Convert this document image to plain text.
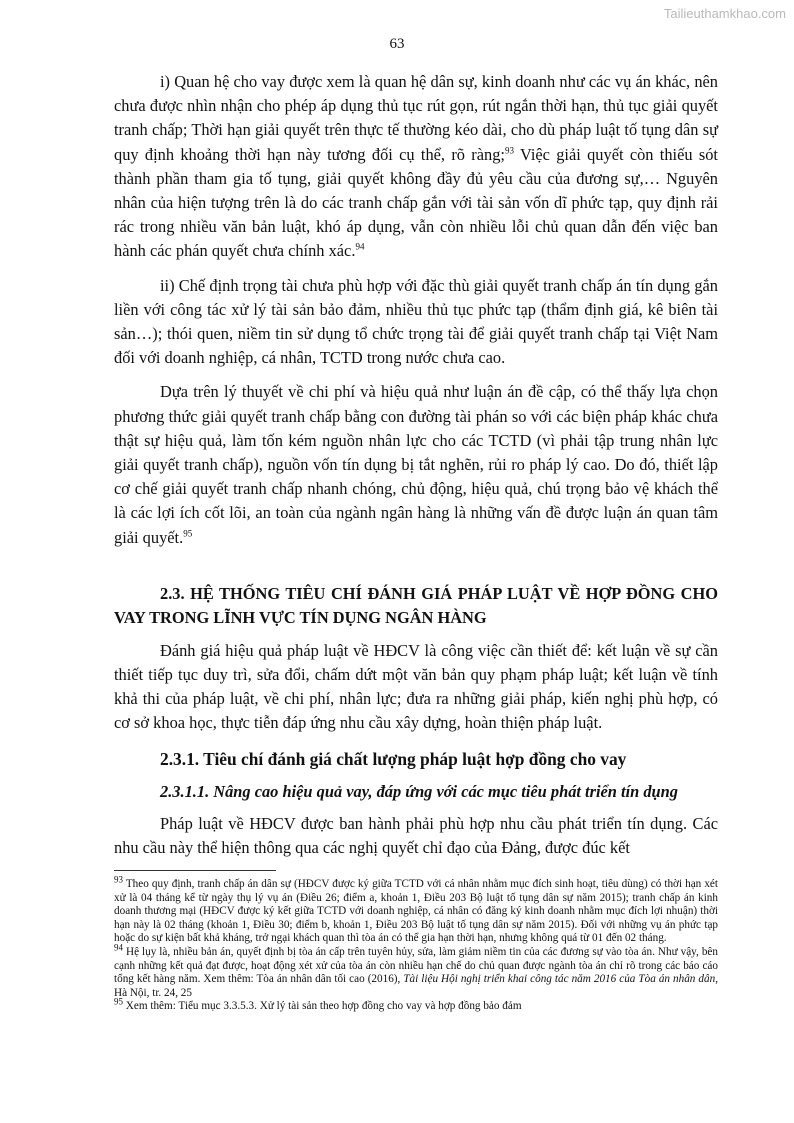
Tailieuthamkhao.com
63

i) Quan hệ cho vay được xem là quan hệ dân sự, kinh doanh như các vụ án khác, nên chưa được nhìn nhận cho phép áp dụng thủ tục rút gọn, rút ngắn thời hạn, thủ tục giải quyết tranh chấp; Thời hạn giải quyết trên thực tế thường kéo dài, cho dù pháp luật tố tụng dân sự quy định khoảng thời hạn này tương đối cụ thể, rõ ràng;$^{93}$ Việc giải quyết còn thiếu sót thành phần tham gia tố tụng, giải quyết không đầy đủ yêu cầu của đương sự,… Nguyên nhân của hiện tượng trên là do các tranh chấp gắn với tài sản vốn dĩ phức tạp, quy định rải rác trong nhiều văn bản luật, khó áp dụng, vẫn còn nhiều lỗi chủ quan dẫn đến việc ban hành các phán quyết chưa chính xác.$^{94}$

ii) Chế định trọng tài chưa phù hợp với đặc thù giải quyết tranh chấp án tín dụng gắn liền với công tác xử lý tài sản bảo đảm, nhiều thủ tục phức tạp (thẩm định giá, kê biên tài sản…); thói quen, niềm tin sử dụng tổ chức trọng tài để giải quyết tranh chấp tại Việt Nam đối với doanh nghiệp, cá nhân, TCTD trong nước chưa cao.

Dựa trên lý thuyết về chi phí và hiệu quả như luận án đề cập, có thể thấy lựa chọn phương thức giải quyết tranh chấp bằng con đường tài phán so với các biện pháp khác chưa thật sự hiệu quả, làm tốn kém nguồn nhân lực cho các TCTD (vì phải tập trung nhân lực giải quyết tranh chấp), nguồn vốn tín dụng bị tắt nghẽn, rủi ro pháp lý cao. Do đó, thiết lập cơ chế giải quyết tranh chấp nhanh chóng, chủ động, hiệu quả, chú trọng bảo vệ khách thể là các lợi ích cốt lõi, an toàn của ngành ngân hàng là những vấn đề được luận án quan tâm giải quyết.$^{95}$

2.3. HỆ THỐNG TIÊU CHÍ ĐÁNH GIÁ PHÁP LUẬT VỀ HỢP ĐỒNG CHO VAY TRONG LĨNH VỰC TÍN DỤNG NGÂN HÀNG

Đánh giá hiệu quả pháp luật về HĐCV là công việc cần thiết để: kết luận về sự cần thiết tiếp tục duy trì, sửa đổi, chấm dứt một văn bản quy phạm pháp luật; kết luận về tính khả thi của pháp luật, về chi phí, nhân lực; đưa ra những giải pháp, kiến nghị phù hợp, có cơ sở khoa học, thực tiễn đáp ứng nhu cầu xây dựng, hoàn thiện pháp luật.

2.3.1. Tiêu chí đánh giá chất lượng pháp luật hợp đồng cho vay
2.3.1.1. Nâng cao hiệu quả vay, đáp ứng với các mục tiêu phát triển tín dụng

Pháp luật về HĐCV được ban hành phải phù hợp nhu cầu phát triển tín dụng. Các nhu cầu này thể hiện thông qua các nghị quyết chỉ đạo của Đảng, được đúc kết

$^{93}$ Theo quy định, tranh chấp án dân sự (HĐCV được ký giữa TCTD với cá nhân nhằm mục đích sinh hoạt, tiêu dùng) có thời hạn xét xử là 04 tháng kể từ ngày thụ lý vụ án (Điều 26; điểm a, khoản 1, Điều 203 Bộ luật tố tụng dân sự năm 2015); tranh chấp án kinh doanh thương mại (HĐCV được ký kết giữa TCTD với doanh nghiệp, cá nhân có đăng ký kinh doanh nhằm mục đích lợi nhuận) thời hạn này là 02 tháng (khoản 1, Điều 30; điểm b, khoản 1, Điều 203 Bộ luật tố tụng dân sự năm 2015). Đối với những vụ án phức tạp hoặc do sự kiện bất khả kháng, trở ngại khách quan thì tòa án có thể gia hạn thời hạn, nhưng không quá từ 01 đến 02 tháng.

$^{94}$ Hệ lụy là, nhiều bản án, quyết định bị tòa án cấp trên tuyên hủy, sửa, làm giảm niềm tin của các đương sự vào tòa án. Như vậy, bên cạnh những kết quả đạt được, hoạt động xét xử của tòa án còn nhiều hạn chế do chủ quan được ngành tòa án chỉ rõ trong các báo cáo tổng kết hàng năm. Xem thêm: Tòa án nhân dân tối cao (2016), Tài liệu Hội nghị triển khai công tác năm 2016 của Tòa án nhân dân, Hà Nội, tr. 24, 25

$^{95}$ Xem thêm: Tiểu mục 3.3.5.3. Xử lý tài sản theo hợp đồng cho vay và hợp đồng bảo đảm
